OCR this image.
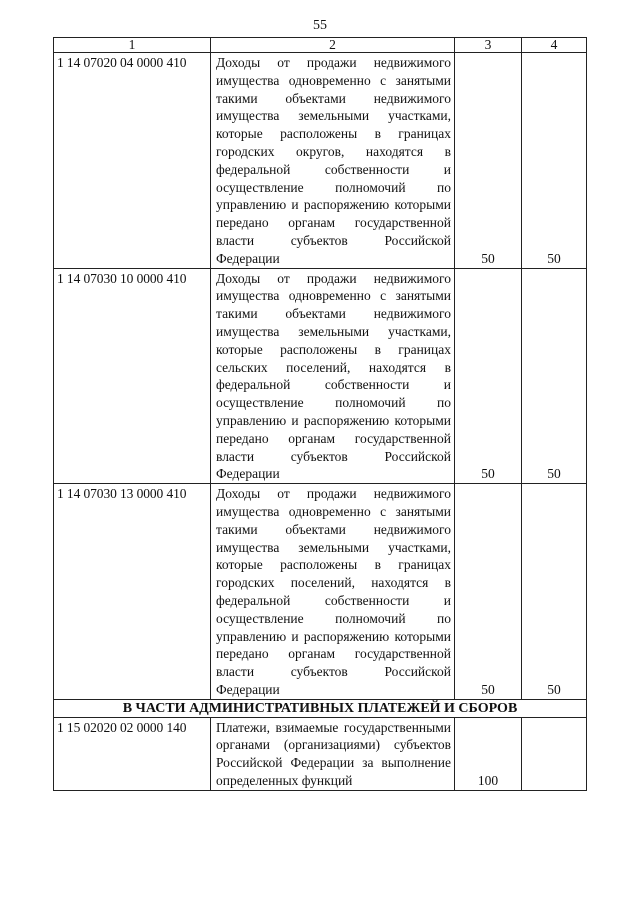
55
1	2	3	4
1 14 07020 04 0000 410	Доходы от продажи недвижимого имущества одновременно с занятыми такими объектами недвижимого имущества земельными участками, которые расположены в границах городских округов, находятся в федеральной собственности и осуществление полномочий по управлению и распоряжению которыми передано органам государственной власти субъектов Российской Федерации	50	50
1 14 07030 10 0000 410	Доходы от продажи недвижимого имущества одновременно с занятыми такими объектами недвижимого имущества земельными участками, которые расположены в границах сельских поселений, находятся в федеральной собственности и осуществление полномочий по управлению и распоряжению которыми передано органам государственной власти субъектов Российской Федерации	50	50
1 14 07030 13 0000 410	Доходы от продажи недвижимого имущества одновременно с занятыми такими объектами недвижимого имущества земельными участками, которые расположены в границах городских поселений, находятся в федеральной собственности и осуществление полномочий по управлению и распоряжению которыми передано органам государственной власти субъектов Российской Федерации	50	50
В ЧАСТИ АДМИНИСТРАТИВНЫХ ПЛАТЕЖЕЙ И СБОРОВ			
1 15 02020 02 0000 140	Платежи, взимаемые государственными органами (организациями) субъектов Российской Федерации за выполнение определенных функций	100	
